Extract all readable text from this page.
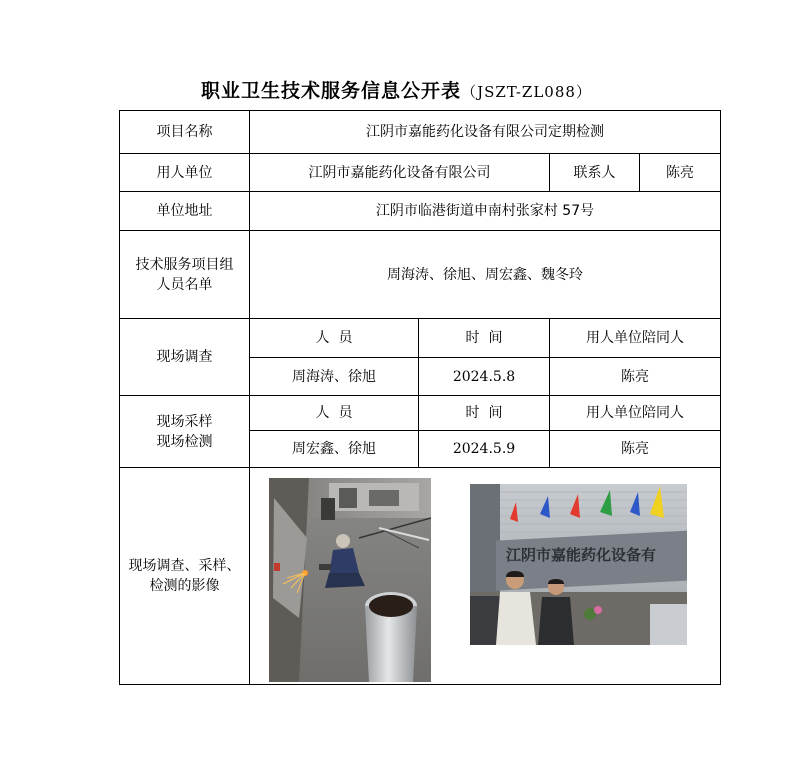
职业卫生技术服务信息公开表（JSZT-ZL088）
项目名称	江阴市嘉能药化设备有限公司定期检测			
用人单位	江阴市嘉能药化设备有限公司		联系人	陈亮
单位地址	江阴市临港街道申南村张家村 57号			

技术服务项目组
人员名单	周海涛、徐旭、周宏鑫、魏冬玲			
现场调查	人  员	时  间	用人单位陪同人	
	周海涛、徐旭	2024.5.8	陈亮	

现场采样
现场检测	人  员	时  间	用人单位陪同人	
	周宏鑫、徐旭	2024.5.9	陈亮	

现场调查、采样、
检测的影像				

江阴市嘉能药化设备有
